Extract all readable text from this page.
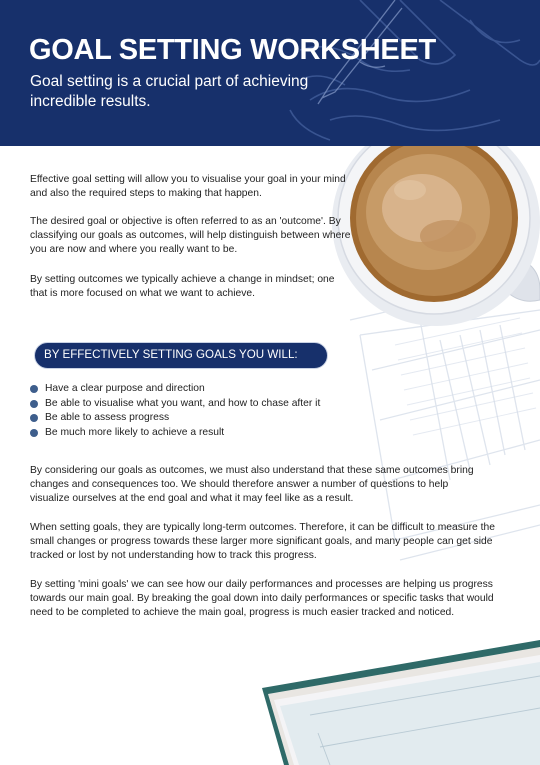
GOAL SETTING WORKSHEET
Goal setting is a crucial part of achieving incredible results.

Effective goal setting will allow you to visualise your goal in your mind and also the required steps to making that happen.

The desired goal or objective is often referred to as an 'outcome'. By classifying our goals as outcomes, will help distinguish between where you are now and where you really want to be.

By setting outcomes we typically achieve a change in mindset; one that is more focused on what we want to achieve.

BY EFFECTIVELY SETTING GOALS YOU WILL:
Have a clear purpose and direction
Be able to visualise what you want, and how to chase after it
Be able to assess progress
Be much more likely to achieve a result

By considering our goals as outcomes, we must also understand that these same outcomes bring changes and consequences too. We should therefore answer a number of questions to help visualize ourselves at the end goal and what it may feel like as a result.

When setting goals, they are typically long-term outcomes. Therefore, it can be difficult to measure the small changes or progress towards these larger more significant goals, and many people can get side tracked or lost by not understanding how to track this progress.

By setting 'mini goals' we can see how our daily performances and processes are helping us progress towards our main goal. By breaking the goal down into daily performances or specific tasks that would need to be completed to achieve the main goal, progress is much easier tracked and noticed.
